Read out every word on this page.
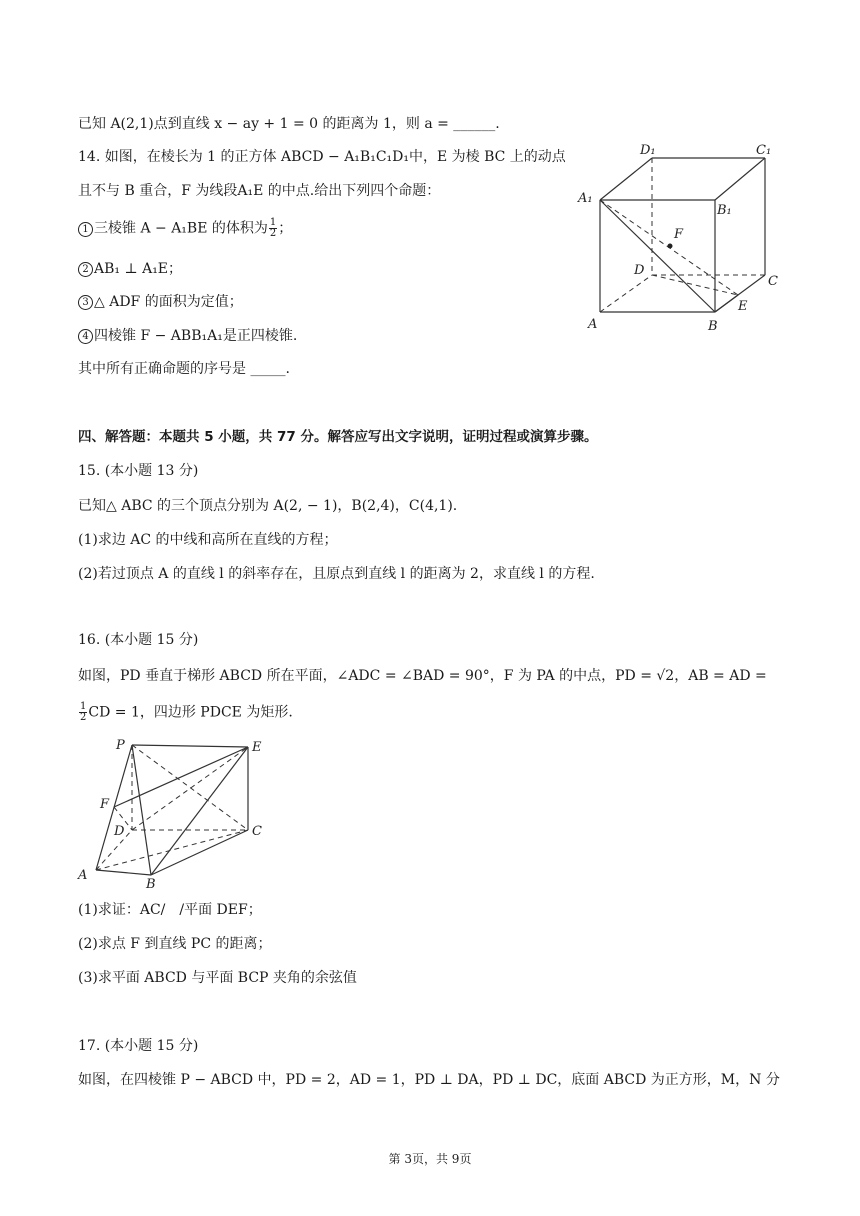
已知 A(2,1)点到直线 x − ay + 1 = 0 的距离为 1，则 a = ______.
14. 如图，在棱长为 1 的正方体 ABCD − A₁B₁C₁D₁中，E 为棱 BC 上的动点
且不与 B 重合，F 为线段A₁E 的中点.给出下列四个命题：
1 三棱锥 A − A₁BE 的体积为 $\frac{1}{2}$ ；
2 AB₁ ⊥ A₁E；
3 △ ADF 的面积为定值；
4 四棱锥 F − ABB₁A₁是正四棱锥.
其中所有正确命题的序号是 _____.
D₁	C₁
A₁
B₁
F
D
C
A	B
E
四、解答题：本题共 5 小题，共 77 分。解答应写出文字说明，证明过程或演算步骤。
15. (本小题 13 分)
已知△ ABC 的三个顶点分别为 A(2, − 1)，B(2,4)，C(4,1).
(1)求边 AC 的中线和高所在直线的方程；
(2)若过顶点 A 的直线 l 的斜率存在，且原点到直线 l 的距离为 2，求直线 l 的方程.
16. (本小题 15 分)
如图，PD 垂直于梯形 ABCD 所在平面，∠ADC = ∠BAD = 90°，F 为 PA 的中点，PD = √2，AB = AD =
$\frac{1}{2}$ CD = 1，四边形 PDCE 为矩形.
P	E
F
D	C
A
B
(1)求证：AC/　/平面 DEF；
(2)求点 F 到直线 PC 的距离；
(3)求平面 ABCD 与平面 BCP 夹角的余弦值
17. (本小题 15 分)
如图，在四棱锥 P − ABCD 中，PD = 2，AD = 1，PD ⊥ DA，PD ⊥ DC，底面 ABCD 为正方形，M，N 分
第 3页，共 9页
